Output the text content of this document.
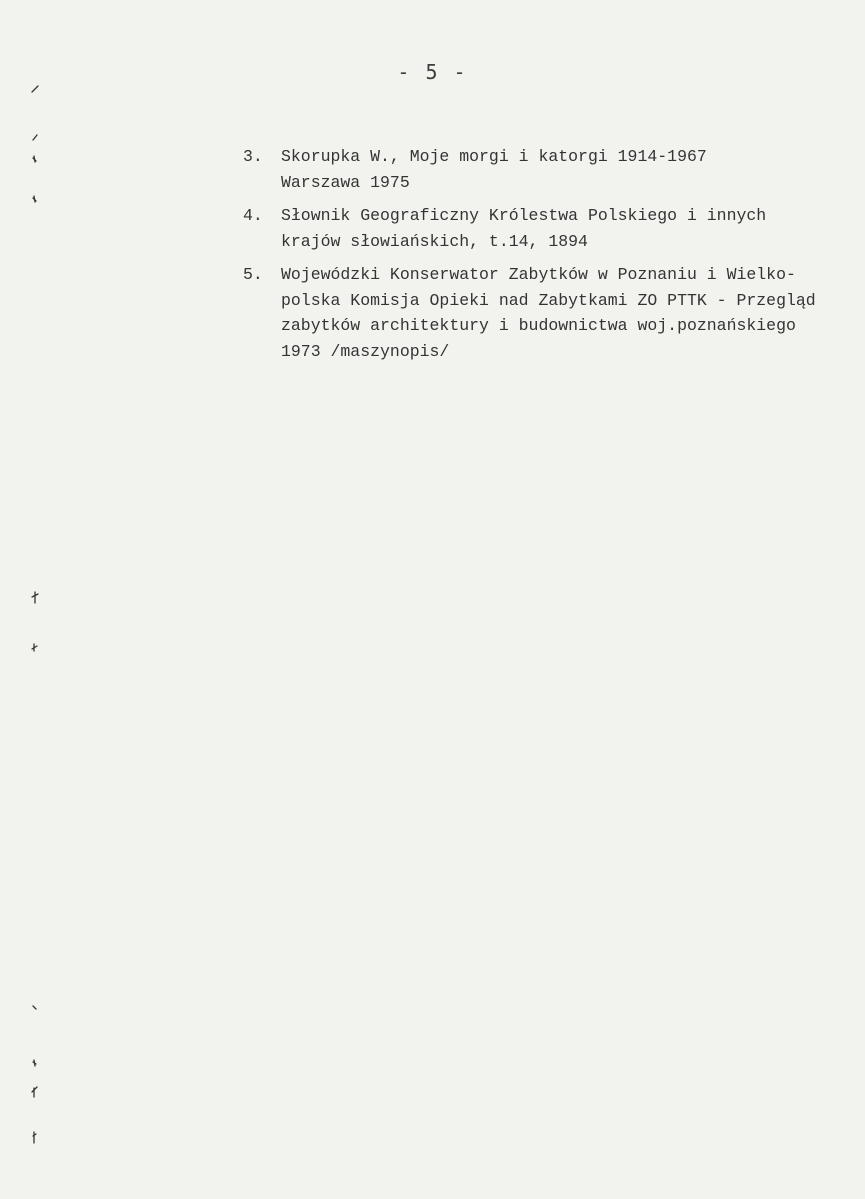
- 5 -
3. Skorupka W., Moje morgi i katorgi 1914-1967
Warszawa 1975
4. Słownik Geograficzny Królestwa Polskiego i innych
krajów słowiańskich, t.14, 1894
5. Wojewódzki Konserwator Zabytków w Poznaniu i Wielko-
polska Komisja Opieki nad Zabytkami ZO PTTK - Przegląd
zabytków architektury i budownictwa woj.poznańskiego
1973 /maszynopis/
